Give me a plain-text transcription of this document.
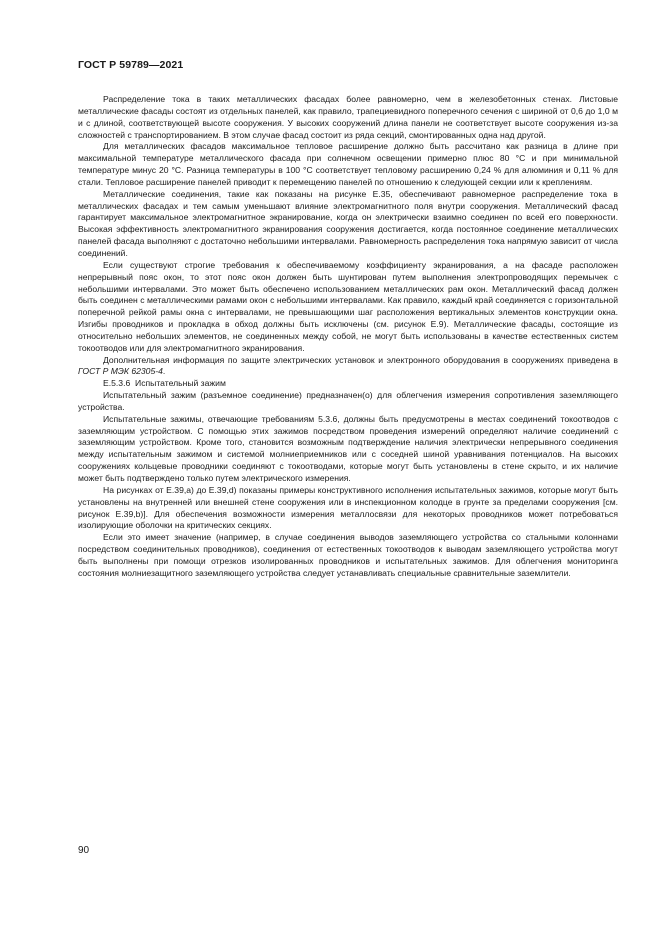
ГОСТ Р 59789—2021

Распределение тока в таких металлических фасадах более равномерно, чем в железобетонных стенах. Листовые металлические фасады состоят из отдельных панелей, как правило, трапециевидного поперечного сечения с шириной от 0,6 до 1,0 м и с длиной, соответствующей высоте сооружения. У высоких сооружений длина панели не соответствует высоте сооружения из-за сложностей с транспортированием. В этом случае фасад состоит из ряда секций, смонтированных одна над другой.

Для металлических фасадов максимальное тепловое расширение должно быть рассчитано как разница в длине при максимальной температуре металлического фасада при солнечном освещении примерно плюс 80 °С и при минимальной температуре минус 20 °С. Разница температуры в 100 °С соответствует тепловому расширению 0,24 % для алюминия и 0,11 % для стали. Тепловое расширение панелей приводит к перемещению панелей по отношению к следующей секции или к креплениям.

Металлические соединения, такие как показаны на рисунке Е.35, обеспечивают равномерное распределение тока в металлических фасадах и тем самым уменьшают влияние электромагнитного поля внутри сооружения. Металлический фасад гарантирует максимальное электромагнитное экранирование, когда он электрически взаимно соединен по всей его поверхности. Высокая эффективность электромагнитного экранирования сооружения достигается, когда постоянное соединение металлических панелей фасада выполняют с достаточно небольшими интервалами. Равномерность распределения тока напрямую зависит от числа соединений.

Если существуют строгие требования к обеспечиваемому коэффициенту экранирования, а на фасаде расположен непрерывный пояс окон, то этот пояс окон должен быть шунтирован путем выполнения электропроводящих перемычек с небольшими интервалами. Это может быть обеспечено использованием металлических рам окон. Металлический фасад должен быть соединен с металлическими рамами окон с небольшими интервалами. Как правило, каждый край соединяется с горизонтальной поперечной рейкой рамы окна с интервалами, не превышающими шаг расположения вертикальных элементов конструкции окна. Изгибы проводников и прокладка в обход должны быть исключены (см. рисунок Е.9). Металлические фасады, состоящие из относительно небольших элементов, не соединенных между собой, не могут быть использованы в качестве естественных систем токоотводов или для электромагнитного экранирования.

Дополнительная информация по защите электрических установок и электронного оборудования в сооружениях приведена в ГОСТ Р МЭК 62305-4.

Е.5.3.6 Испытательный зажим

Испытательный зажим (разъемное соединение) предназначен(о) для облегчения измерения сопротивления заземляющего устройства.

Испытательные зажимы, отвечающие требованиям 5.3.6, должны быть предусмотрены в местах соединений токоотводов с заземляющим устройством. С помощью этих зажимов посредством проведения измерений определяют наличие соединений с заземляющим устройством. Кроме того, становится возможным подтверждение наличия электрически непрерывного соединения между испытательным зажимом и системой молниеприемников или с соседней шиной уравнивания потенциалов. На высоких сооружениях кольцевые проводники соединяют с токоотводами, которые могут быть установлены в стене скрыто, и их наличие может быть подтверждено только путем электрического измерения.

На рисунках от Е.39,а) до Е.39,d) показаны примеры конструктивного исполнения испытательных зажимов, которые могут быть установлены на внутренней или внешней стене сооружения или в инспекционном колодце в грунте за пределами сооружения [см. рисунок Е.39,b)]. Для обеспечения возможности измерения металлосвязи для некоторых проводников может потребоваться изолирующие оболочки на критических секциях.

Если это имеет значение (например, в случае соединения выводов заземляющего устройства со стальными колоннами посредством соединительных проводников), соединения от естественных токоотводов к выводам заземляющего устройства могут быть выполнены при помощи отрезков изолированных проводников и испытательных зажимов. Для облегчения мониторинга состояния молниезащитного заземляющего устройства следует устанавливать специальные сравнительные заземлители.

90
